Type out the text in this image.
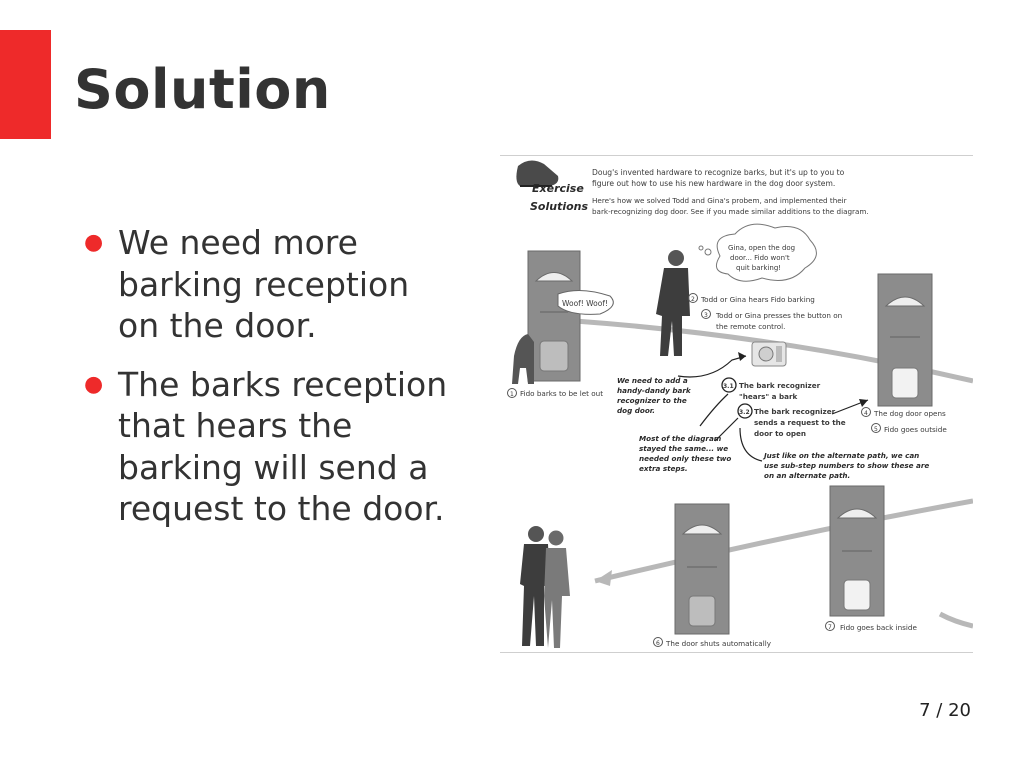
Solution
● We need more barking reception on the door.
● The barks reception that hears the barking will send a request to the door.
Exercise
Solutions
Doug's invented hardware to recognize barks, but it's up to you to
figure out how to use his new hardware in the dog door system.
Here's how we solved Todd and Gina's probem, and implemented their
bark-recognizing dog door. See if you made similar additions to the diagram.
Woof! Woof!
1 Fido barks to be let out
Gina, open the dog
door... Fido won't
quit barking!
2 Todd or Gina hears Fido barking
3 Todd or Gina presses the button on
the remote control.
We need to add a
handy-dandy bark
recognizer to the
dog door.
3.1 The bark recognizer
"hears" a bark
3.2 The bark recognizer
sends a request to the
door to open
4 The dog door opens
5 Fido goes outside
Most of the diagram
stayed the same... we
needed only these two
extra steps.
Just like on the alternate path, we can
use sub-step numbers to show these are
on an alternate path.
6 The door shuts automatically
7 Fido goes back inside
7 / 20
